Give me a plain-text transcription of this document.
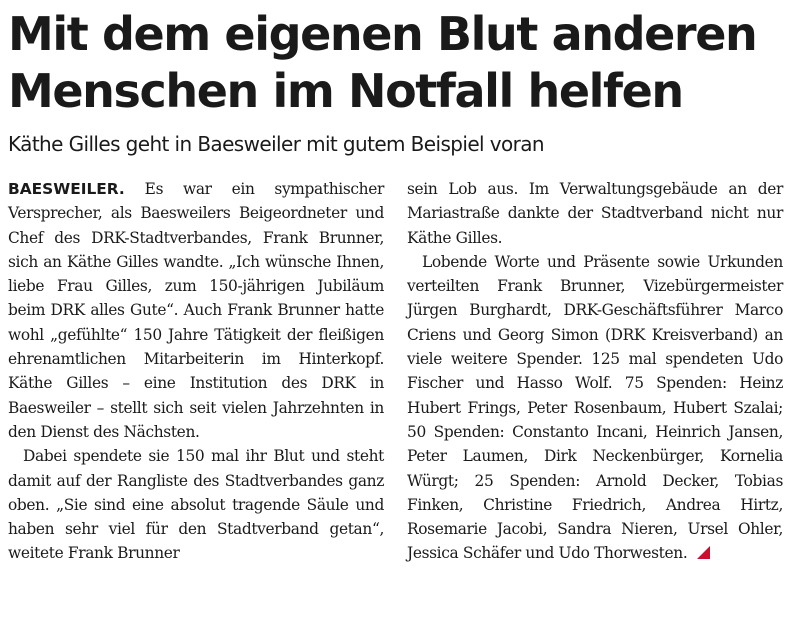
Mit dem eigenen Blut anderen
Menschen im Notfall helfen
Käthe Gilles geht in Baesweiler mit gutem Beispiel voran

BAESWEILER. Es war ein sympathischer Versprecher, als Baesweilers Beigeordneter und Chef des DRK-Stadtverbandes, Frank Brunner, sich an Käthe Gilles wandte. „Ich wünsche Ihnen, liebe Frau Gilles, zum 150-jährigen Jubiläum beim DRK alles Gute“. Auch Frank Brunner hatte wohl „gefühlte“ 150 Jahre Tätigkeit der fleißigen ehrenamtlichen Mitarbeiterin im Hinterkopf. Käthe Gilles – eine Institution des DRK in Baesweiler – stellt sich seit vielen Jahrzehnten in den Dienst des Nächsten.

Dabei spendete sie 150 mal ihr Blut und steht damit auf der Rangliste des Stadtverbandes ganz oben. „Sie sind eine absolut tragende Säule und haben sehr viel für den Stadtverband getan“, weitete Frank Brunner

sein Lob aus. Im Verwaltungsgebäude an der Mariastraße dankte der Stadtverband nicht nur Käthe Gilles.

Lobende Worte und Präsente sowie Urkunden verteilten Frank Brunner, Vizebürgermeister Jürgen Burghardt, DRK-Geschäftsführer Marco Criens und Georg Simon (DRK Kreisverband) an viele weitere Spender. 125 mal spendeten Udo Fischer und Hasso Wolf. 75 Spenden: Heinz Hubert Frings, Peter Rosenbaum, Hubert Szalai; 50 Spenden: Constanto Incani, Heinrich Jansen, Peter Laumen, Dirk Neckenbürger, Kornelia Würgt; 25 Spenden: Arnold Decker, Tobias Finken, Christine Friedrich, Andrea Hirtz, Rosemarie Jacobi, Sandra Nieren, Ursel Ohler, Jessica Schäfer und Udo Thorwesten.
